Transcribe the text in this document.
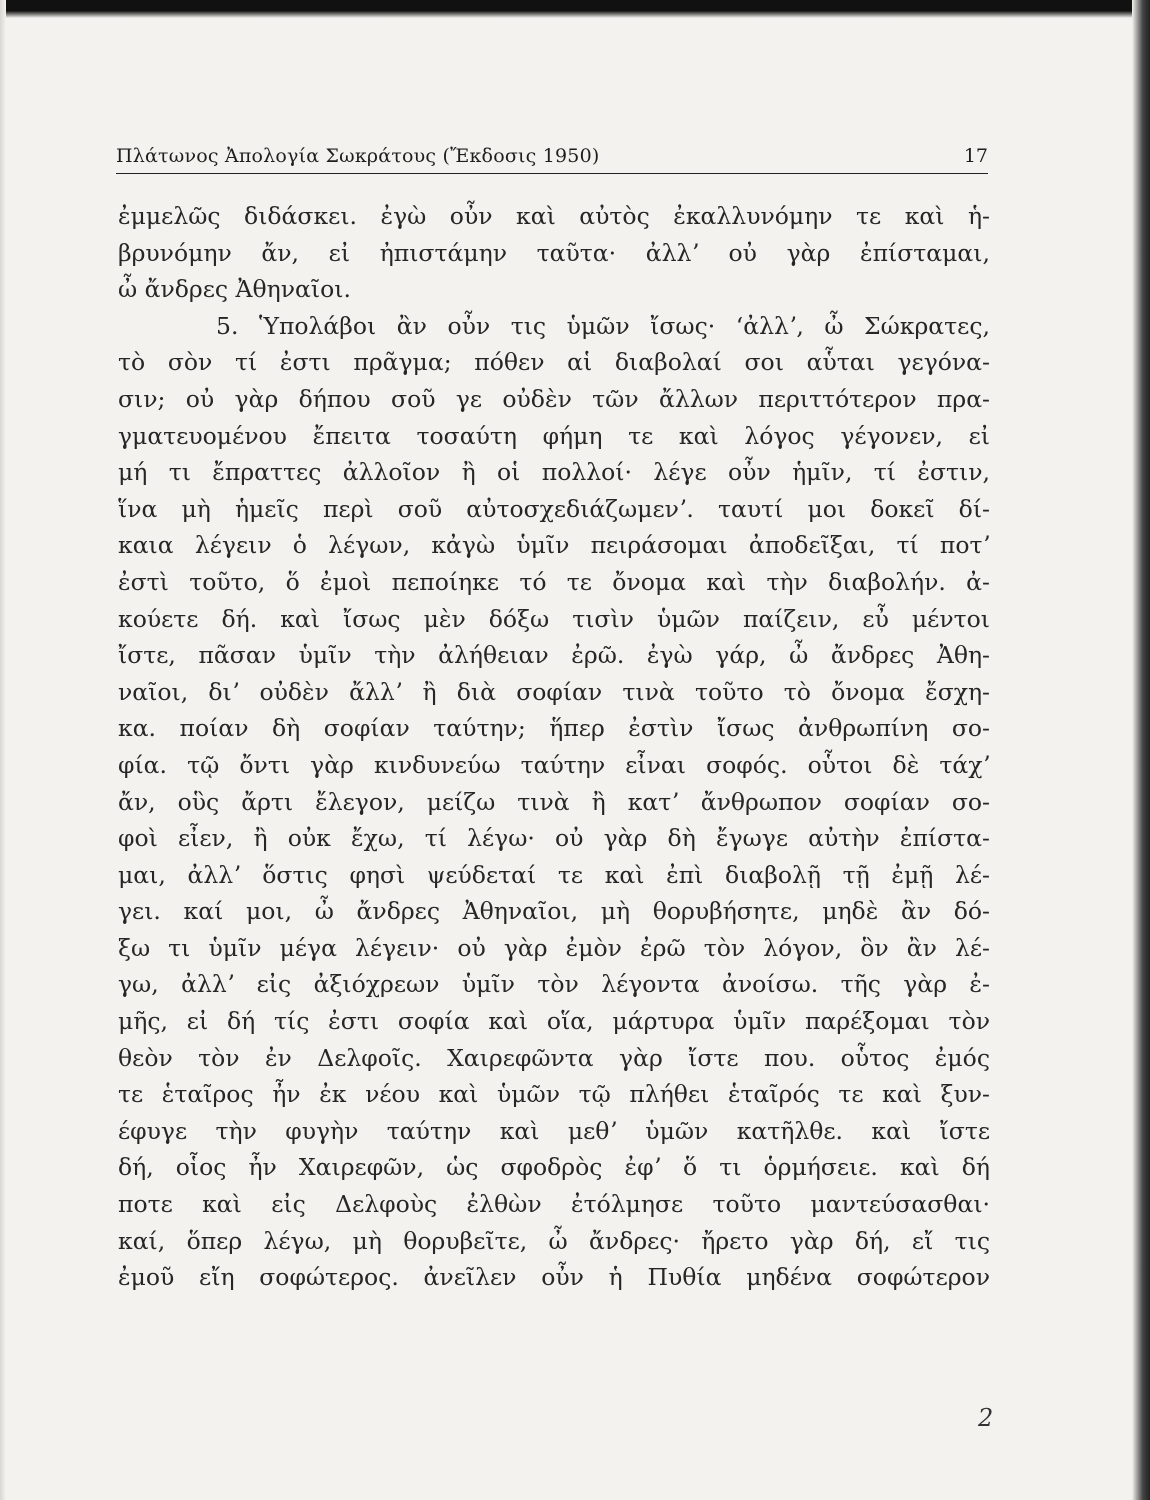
Πλάτωνος Ἀπολογία Σωκράτους (Ἔκδοσις 1950)	17
ἐμμελῶς διδάσκει. ἐγὼ οὖν καὶ αὐτὸς ἐκαλλυνόμην τε καὶ ἡ-
βρυνόμην ἄν, εἰ ἠπιστάμην ταῦτα· ἀλλʼ οὐ γὰρ ἐπίσταμαι,
ὦ ἄνδρες Ἀθηναῖοι.
5. Ὑπολάβοι ἂν οὖν τις ὑμῶν ἴσως· ʻἀλλʼ, ὦ Σώκρατες,
τὸ σὸν τί ἐστι πρᾶγμα; πόθεν αἱ διαβολαί σοι αὗται γεγόνα-
σιν; οὐ γὰρ δήπου σοῦ γε οὐδὲν τῶν ἄλλων περιττότερον πρα-
γματευομένου ἔπειτα τοσαύτη φήμη τε καὶ λόγος γέγονεν, εἰ
μή τι ἔπραττες ἀλλοῖον ἢ οἱ πολλοί· λέγε οὖν ἡμῖν, τί ἐστιν,
ἵνα μὴ ἡμεῖς περὶ σοῦ αὐτοσχεδιάζωμενʼ. ταυτί μοι δοκεῖ δί-
καια λέγειν ὁ λέγων, κἀγὼ ὑμῖν πειράσομαι ἀποδεῖξαι, τί ποτʼ
ἐστὶ τοῦτο, ὅ ἐμοὶ πεποίηκε τό τε ὄνομα καὶ τὴν διαβολήν. ἀ-
κούετε δή. καὶ ἴσως μὲν δόξω τισὶν ὑμῶν παίζειν, εὖ μέντοι
ἴστε, πᾶσαν ὑμῖν τὴν ἀλήθειαν ἐρῶ. ἐγὼ γάρ, ὦ ἄνδρες Ἀθη-
ναῖοι, διʼ οὐδὲν ἄλλʼ ἢ διὰ σοφίαν τινὰ τοῦτο τὸ ὄνομα ἔσχη-
κα. ποίαν δὴ σοφίαν ταύτην; ἥπερ ἐστὶν ἴσως ἀνθρωπίνη σο-
φία. τῷ ὄντι γὰρ κινδυνεύω ταύτην εἶναι σοφός. οὗτοι δὲ τάχʼ
ἄν, οὓς ἄρτι ἔλεγον, μείζω τινὰ ἢ κατʼ ἄνθρωπον σοφίαν σο-
φοὶ εἶεν, ἢ οὐκ ἔχω, τί λέγω· οὐ γὰρ δὴ ἔγωγε αὐτὴν ἐπίστα-
μαι, ἀλλʼ ὅστις φησὶ ψεύδεταί τε καὶ ἐπὶ διαβολῇ τῇ ἐμῇ λέ-
γει. καί μοι, ὦ ἄνδρες Ἀθηναῖοι, μὴ θορυβήσητε, μηδὲ ἂν δό-
ξω τι ὑμῖν μέγα λέγειν· οὐ γὰρ ἐμὸν ἐρῶ τὸν λόγον, ὃν ἂν λέ-
γω, ἀλλʼ εἰς ἀξιόχρεων ὑμῖν τὸν λέγοντα ἀνοίσω. τῆς γὰρ ἐ-
μῆς, εἰ δή τίς ἐστι σοφία καὶ οἵα, μάρτυρα ὑμῖν παρέξομαι τὸν
θεὸν τὸν ἐν Δελφοῖς. Χαιρεφῶντα γὰρ ἴστε που. οὗτος ἐμός
τε ἑταῖρος ἦν ἐκ νέου καὶ ὑμῶν τῷ πλήθει ἑταῖρός τε καὶ ξυν-
έφυγε τὴν φυγὴν ταύτην καὶ μεθʼ ὑμῶν κατῆλθε. καὶ ἴστε
δή, οἷος ἦν Χαιρεφῶν, ὡς σφοδρὸς ἐφʼ ὅ τι ὁρμήσειε. καὶ δή
ποτε καὶ εἰς Δελφοὺς ἐλθὼν ἐτόλμησε τοῦτο μαντεύσασθαι·
καί, ὅπερ λέγω, μὴ θορυβεῖτε, ὦ ἄνδρες· ἤρετο γὰρ δή, εἴ τις
ἐμοῦ εἴη σοφώτερος. ἀνεῖλεν οὖν ἡ Πυθία μηδένα σοφώτερον
2
